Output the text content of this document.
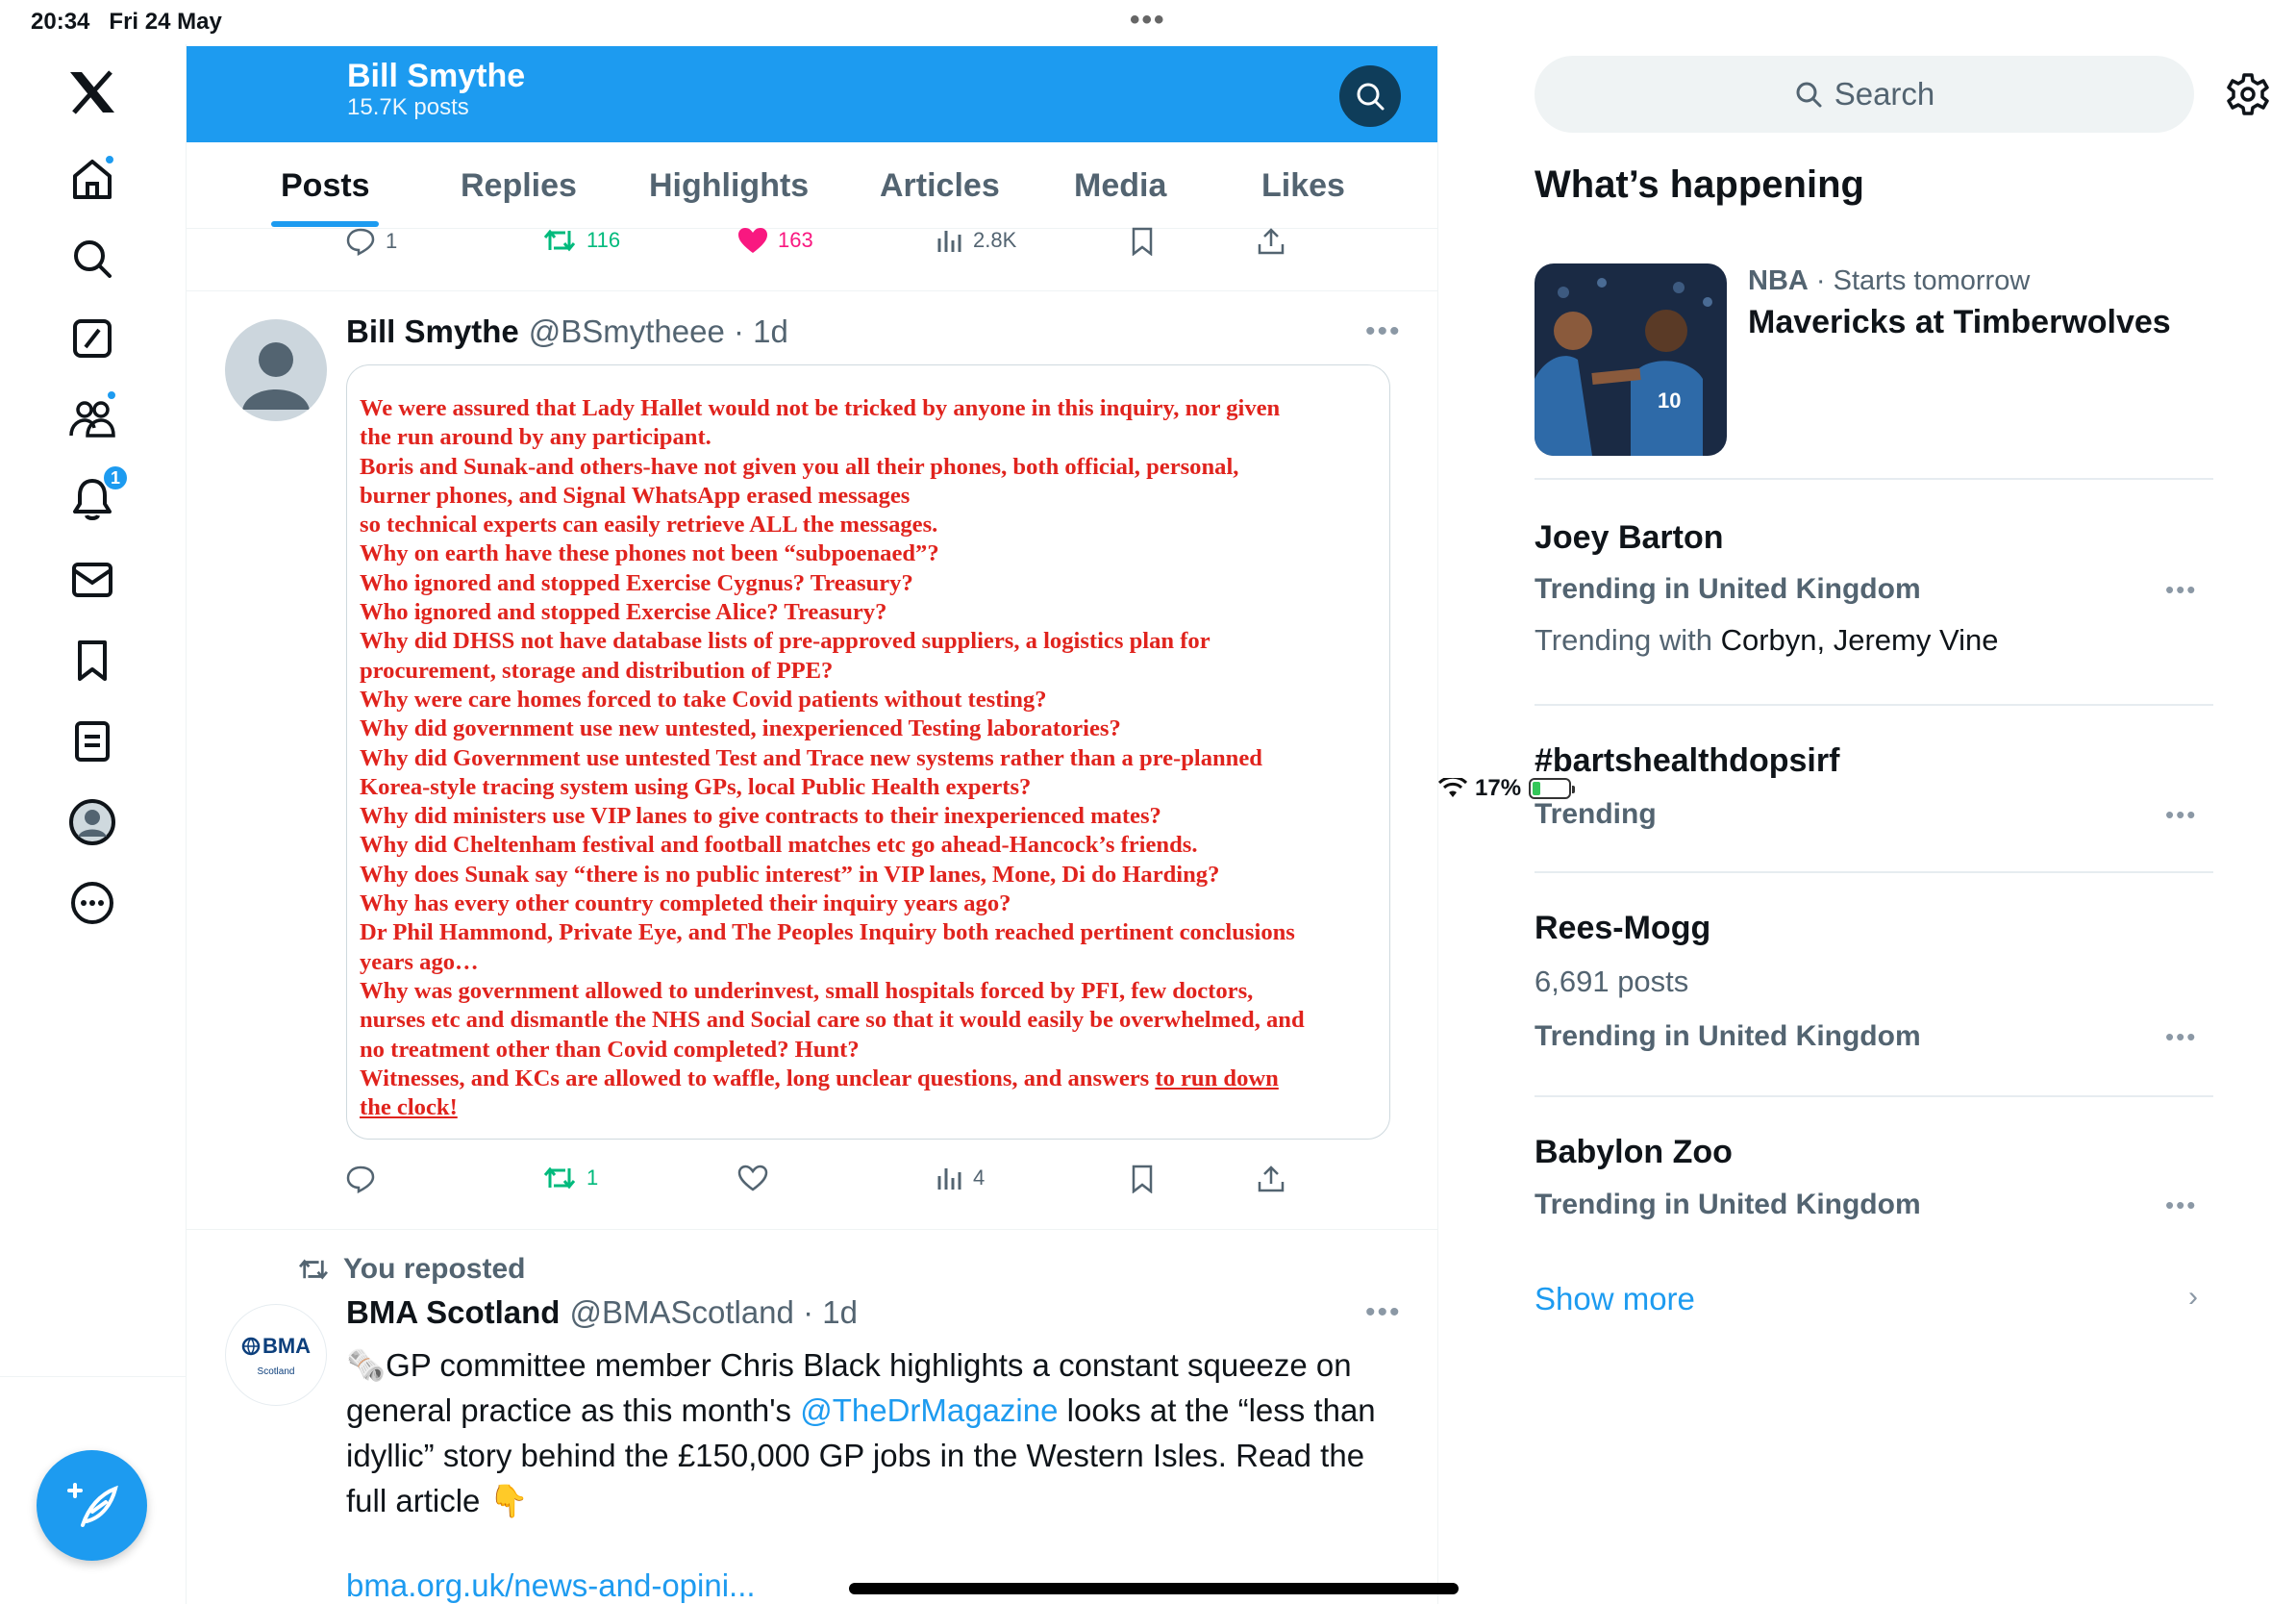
20:34 Fri 24 May	•••
17%
1
Bill Smythe
15.7K posts
Posts	Replies Highlights Articles Media	Likes
1	116	163	2.8K
Bill Smythe @BSmytheee · 1d	•••
We were assured that Lady Hallet would not be tricked by anyone in this inquiry, nor given
the run around by any participant.
Boris and Sunak-and others-have not given you all their phones, both official, personal,
burner phones, and Signal WhatsApp erased messages
so technical experts can easily retrieve ALL the messages.
Why on earth have these phones not been “subpoenaed”?
Who ignored and stopped Exercise Cygnus? Treasury?
Who ignored and stopped Exercise Alice? Treasury?
Why did DHSS not have database lists of pre-approved suppliers, a logistics plan for
procurement, storage and distribution of PPE?
Why were care homes forced to take Covid patients without testing?
Why did government use new untested, inexperienced Testing laboratories?
Why did Government use untested Test and Trace new systems rather than a pre-planned
Korea-style tracing system using GPs, local Public Health experts?
Why did ministers use VIP lanes to give contracts to their inexperienced mates?
Why did Cheltenham festival and football matches etc go ahead-Hancock’s friends.
Why does Sunak say “there is no public interest” in VIP lanes, Mone, Di do Harding?
Why has every other country completed their inquiry years ago?
Dr Phil Hammond, Private Eye, and The Peoples Inquiry both reached pertinent conclusions
years ago…
Why was government allowed to underinvest, small hospitals forced by PFI, few doctors,
nurses etc and dismantle the NHS and Social care so that it would easily be overwhelmed, and
no treatment other than Covid completed? Hunt?
Witnesses, and KCs are allowed to waffle, long unclear questions, and answers to run down
the clock!
1	4
You reposted
BMA
Scotland
BMA Scotland @BMAScotland · 1d	•••
🗞️GP committee member Chris Black highlights a constant squeeze on general practice as this month's @TheDrMagazine looks at the “less than idyllic” story behind the £150,000 GP jobs in the Western Isles. Read the full article 👇
bma.org.uk/news-and-opini...
Search
What’s happening
10
NBA · Starts tomorrow
Mavericks at Timberwolves
Joey Barton
Trending in United Kingdom
Trending with Corbyn, Jeremy Vine
•••
#bartshealthdopsirf
Trending	•••
Rees-Mogg
6,691 posts
Trending in United Kingdom	•••
Babylon Zoo
Trending in United Kingdom	•••
Show more	›
